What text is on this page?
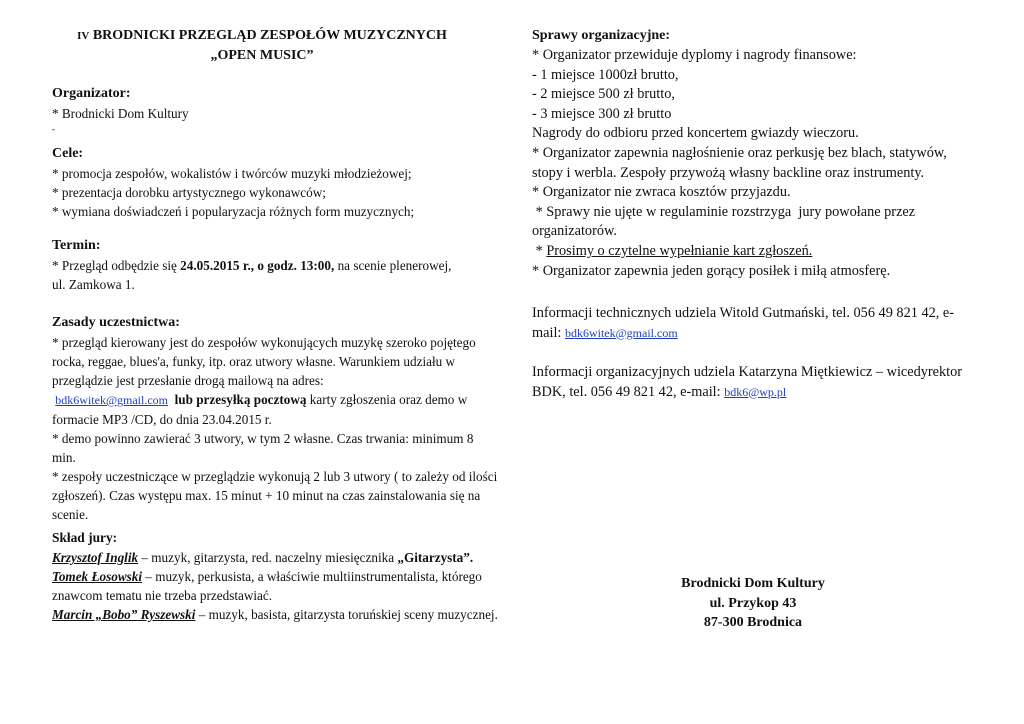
IV BRODNICKI PRZEGLĄD ZESPOŁÓW MUZYCZNYCH
„OPEN MUSIC”
Organizator:

* Brodnicki Dom Kultury

-

Cele:

* promocja zespołów, wokalistów i twórców muzyki młodzieżowej;

* prezentacja dorobku artystycznego wykonawców;

* wymiana doświadczeń i popularyzacja różnych form muzycznych;

Termin:

* Przegląd odbędzie się 24.05.2015 r., o godz. 13:00, na scenie plenerowej,

ul. Zamkowa 1.

Zasady uczestnictwa:

* przegląd kierowany jest do zespołów wykonujących muzykę szeroko pojętego rocka, reggae, blues'a, funky, itp. oraz utwory własne. Warunkiem udziału w przeglądzie jest przesłanie drogą mailową na adres:
bdk6witek@gmail.com lub przesyłką pocztową karty zgłoszenia oraz demo w formacie MP3 /CD, do dnia 23.04.2015 r.

* demo powinno zawierać 3 utwory, w tym 2 własne. Czas trwania: minimum 8 min.

* zespoły uczestniczące w przeglądzie wykonują 2 lub 3 utwory ( to zależy od ilości zgłoszeń). Czas występu max. 15 minut + 10 minut na czas zainstalowania się na scenie.

Skład jury:

Krzysztof Inglik – muzyk, gitarzysta, red. naczelny miesięcznika „Gitarzysta”.

Tomek Łosowski – muzyk, perkusista, a właściwie multiinstrumentalista, którego znawcom tematu nie trzeba przedstawiać.

Marcin „Bobo” Ryszewski – muzyk, basista, gitarzysta toruńskiej sceny muzycznej.

Sprawy organizacyjne:

* Organizator przewiduje dyplomy i nagrody finansowe:

- 1 miejsce 1000zł brutto,

- 2 miejsce 500 zł brutto,

- 3 miejsce 300 zł brutto

Nagrody do odbioru przed koncertem gwiazdy wieczoru.

* Organizator zapewnia nagłośnienie oraz perkusję bez blach, statywów, stopy i werbla. Zespoły przywożą własny backline oraz instrumenty.

* Organizator nie zwraca kosztów przyjazdu.

* Sprawy nie ujęte w regulaminie rozstrzyga  jury powołane przez organizatorów.

* Prosimy o czytelne wypełnianie kart zgłoszeń.

* Organizator zapewnia jeden gorący posiłek i miłą atmosferę.

Informacji technicznych udziela Witold Gutmański, tel. 056 49 821 42, e-mail: bdk6witek@gmail.com

Informacji organizacyjnych udziela Katarzyna Miętkiewicz – wicedyrektor BDK, tel. 056 49 821 42, e-mail: bdk6@wp.pl

Brodnicki Dom Kultury
ul. Przykop 43
87-300 Brodnica
